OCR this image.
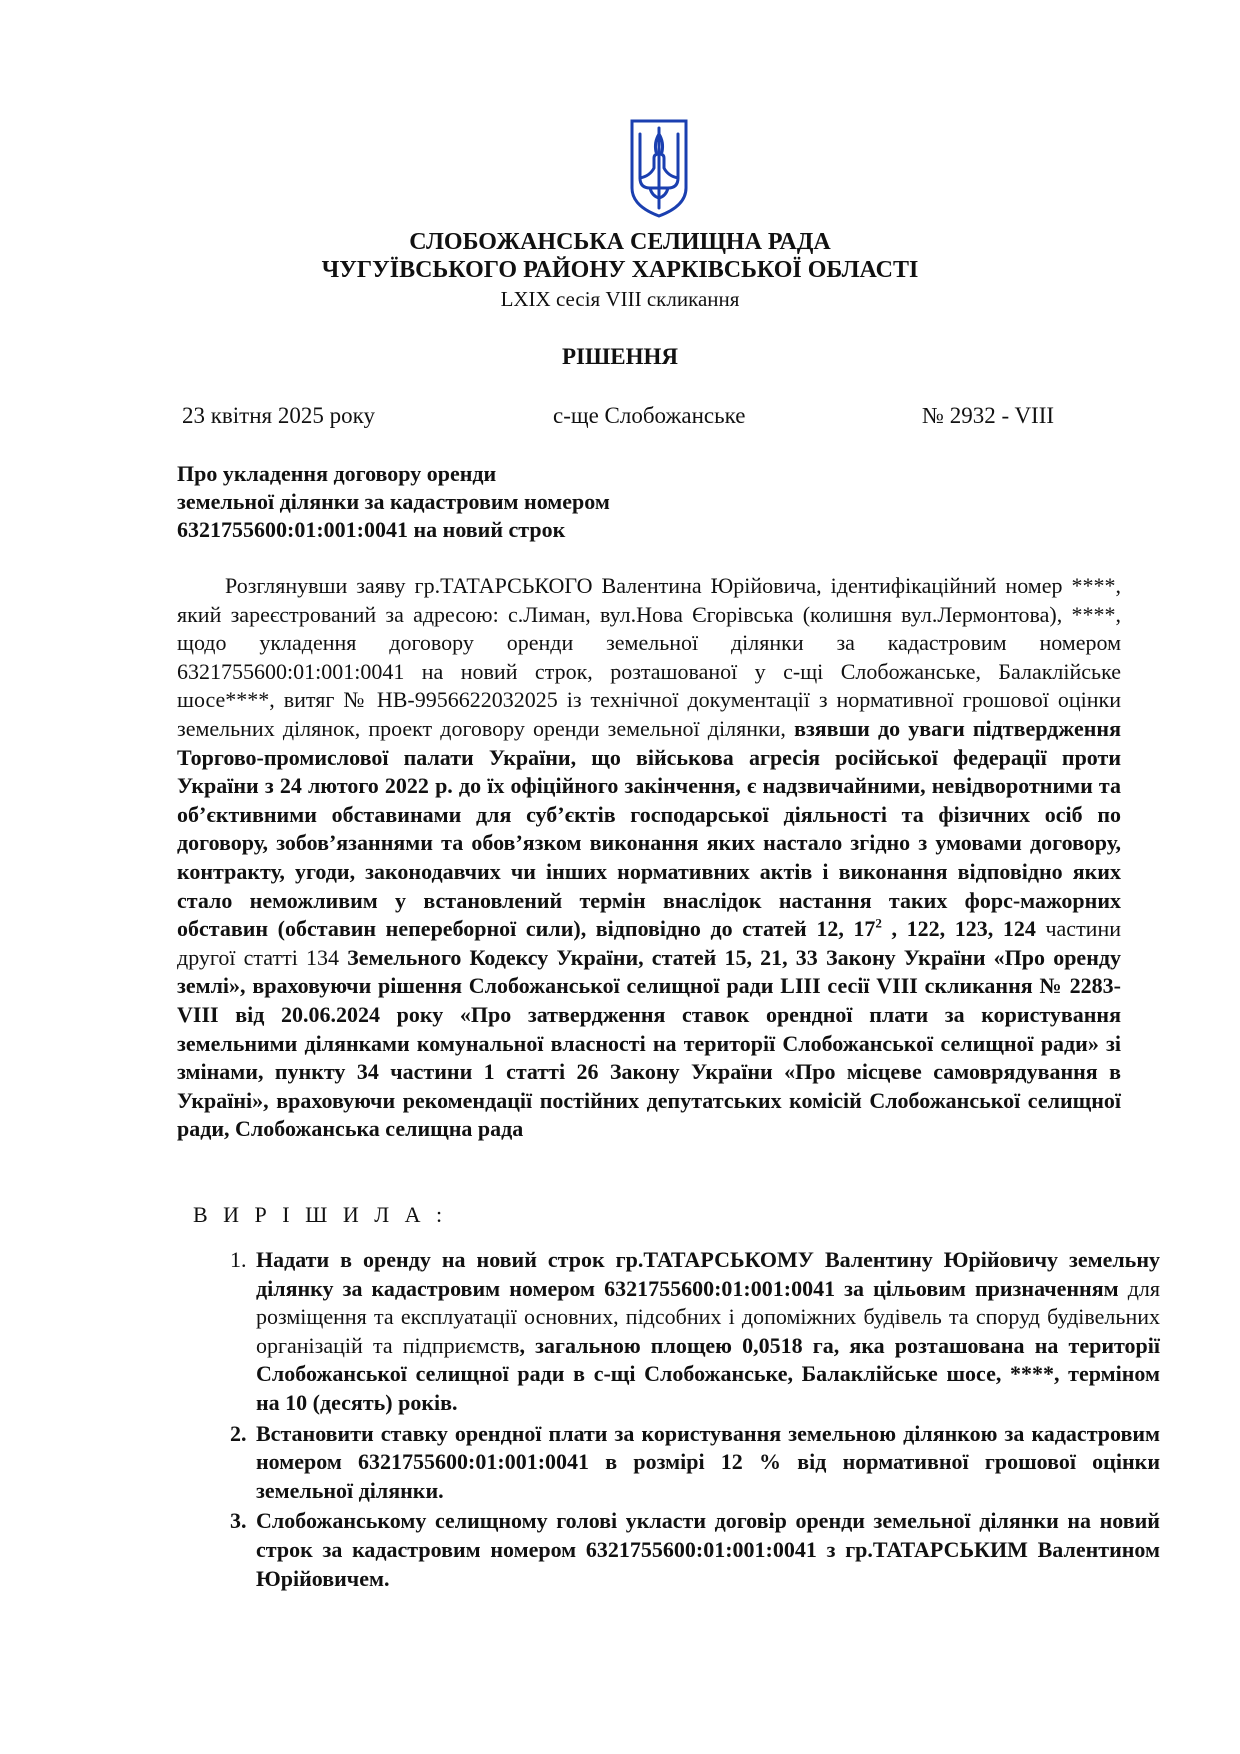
СЛОБОЖАНСЬКА СЕЛИЩНА РАДА
ЧУГУЇВСЬКОГО РАЙОНУ ХАРКІВСЬКОЇ ОБЛАСТІ
LXIX сесія VIII скликання
РІШЕННЯ
23 квітня 2025 року	с-ще Слобожанське	№ 2932 - VIII
Про укладення договору оренди
земельної ділянки за кадастровим номером
6321755600:01:001:0041 на новий строк

Розглянувши заяву гр.ТАТАРСЬКОГО Валентина Юрійовича, ідентифікаційний номер ****, який зареєстрований за адресою: с.Лиман, вул.Нова Єгорівська (колишня вул.Лермонтова), ****, щодо укладення договору оренди земельної ділянки за кадастровим номером 6321755600:01:001:0041 на новий строк, розташованої у с-щі Слобожанське, Балаклійське шосе****, витяг № НВ-9956622032025 із технічної документації з нормативної грошової оцінки земельних ділянок, проект договору оренди земельної ділянки, взявши до уваги підтвердження Торгово-промислової палати України, що військова агресія російської федерації проти України з 24 лютого 2022 р. до їх офіційного закінчення, є надзвичайними, невідворотними та об’єктивними обставинами для суб’єктів господарської діяльності та фізичних осіб по договору, зобов’язаннями та обов’язком виконання яких настало згідно з умовами договору, контракту, угоди, законодавчих чи інших нормативних актів і виконання відповідно яких стало неможливим у встановлений термін внаслідок настання таких форс-мажорних обставин (обставин непереборної сили), відповідно до статей 12, $17^2$ , 122, 123, 124 частини другої статті 134 Земельного Кодексу України, статей 15, 21, 33 Закону України «Про оренду землі», враховуючи рішення Слобожанської селищної ради LIII сесії VIII скликання № 2283-VIII від 20.06.2024 року «Про затвердження ставок орендної плати за користування земельними ділянками комунальної власності на території Слобожанської селищної ради» зі змінами, пункту 34 частини 1 статті 26 Закону України «Про місцеве самоврядування в Україні», враховуючи рекомендації постійних депутатських комісій Слобожанської селищної ради, Слобожанська селищна рада

В И Р І Ш И Л А :
1. Надати в оренду на новий строк гр.ТАТАРСЬКОМУ Валентину Юрійовичу земельну ділянку за кадастровим номером 6321755600:01:001:0041 за цільовим призначенням для розміщення та експлуатації основних, підсобних і допоміжних будівель та споруд будівельних організацій та підприємств, загальною площею 0,0518 га, яка розташована на території Слобожанської селищної ради в с-щі Слобожанське, Балаклійське шосе, ****, терміном на 10 (десять) років.
2. Встановити ставку орендної плати за користування земельною ділянкою за кадастровим номером 6321755600:01:001:0041 в розмірі 12 % від нормативної грошової оцінки земельної ділянки.
3. Слобожанському селищному голові укласти договір оренди земельної ділянки на новий строк за кадастровим номером 6321755600:01:001:0041 з гр.ТАТАРСЬКИМ Валентином Юрійовичем.
